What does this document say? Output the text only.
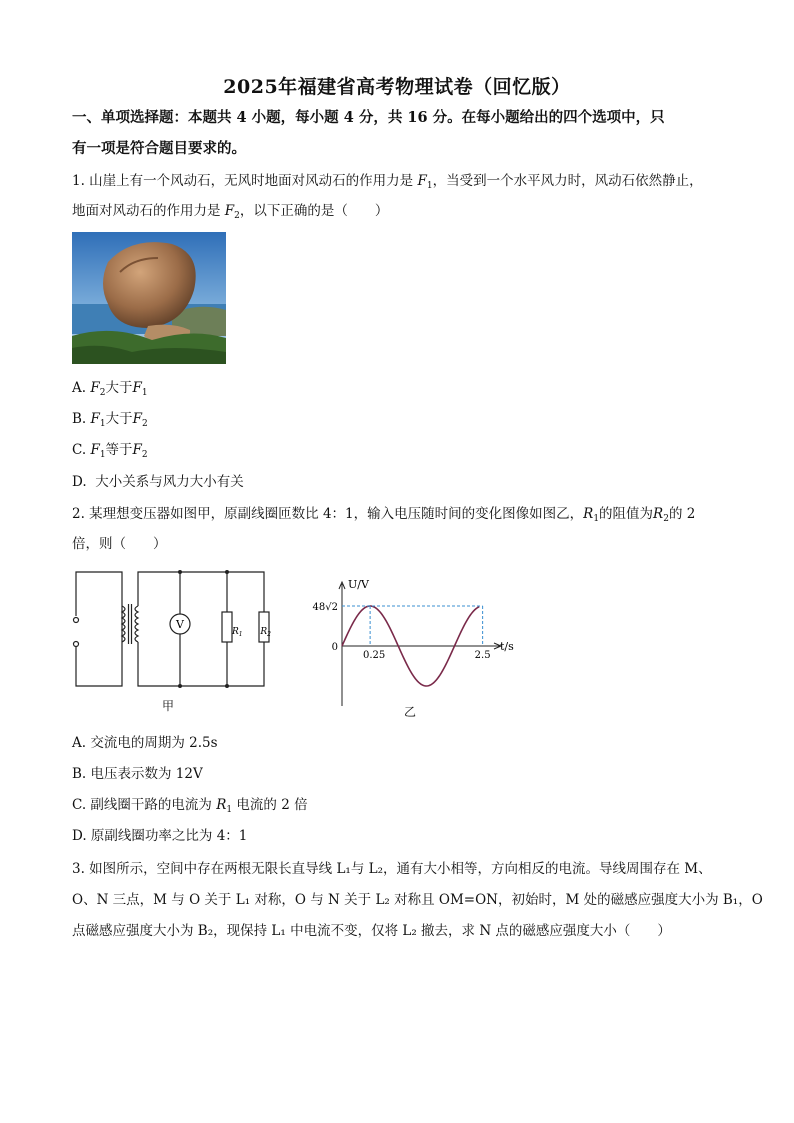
2025年福建省高考物理试卷（回忆版）
一、单项选择题：本题共 4 小题，每小题 4 分，共 16 分。在每小题给出的四个选项中，只
有一项是符合题目要求的。
1. 山崖上有一个风动石，无风时地面对风动石的作用力是 $F_1$，当受到一个水平风力时，风动石依然静止，
地面对风动石的作用力是 $F_2$，以下正确的是（　　）
A. $F_2$大于$F_1$
B. $F_1$大于$F_2$
C. $F_1$等于$F_2$
D.  大小关系与风力大小有关
2. 某理想变压器如图甲，原副线圈匝数比 4：1，输入电压随时间的变化图像如图乙，$R_1$的阻值为$R_2$的 2
倍，则（　　）
V
$R_1$ $R_2$
甲
U/V
t/s
48√2
0
0.25	2.5
乙
A. 交流电的周期为 2.5s
B. 电压表示数为 12V
C. 副线圈干路的电流为 $R_1$ 电流的 2 倍
D. 原副线圈功率之比为 4：1
3. 如图所示，空间中存在两根无限长直导线 L₁与 L₂，通有大小相等，方向相反的电流。导线周围存在 M、
O、N 三点，M 与 O 关于 L₁ 对称，O 与 N 关于 L₂ 对称且 OM=ON，初始时，M 处的磁感应强度大小为 B₁，O
点磁感应强度大小为 B₂，现保持 L₁ 中电流不变，仅将 L₂ 撤去，求 N 点的磁感应强度大小（　　）
